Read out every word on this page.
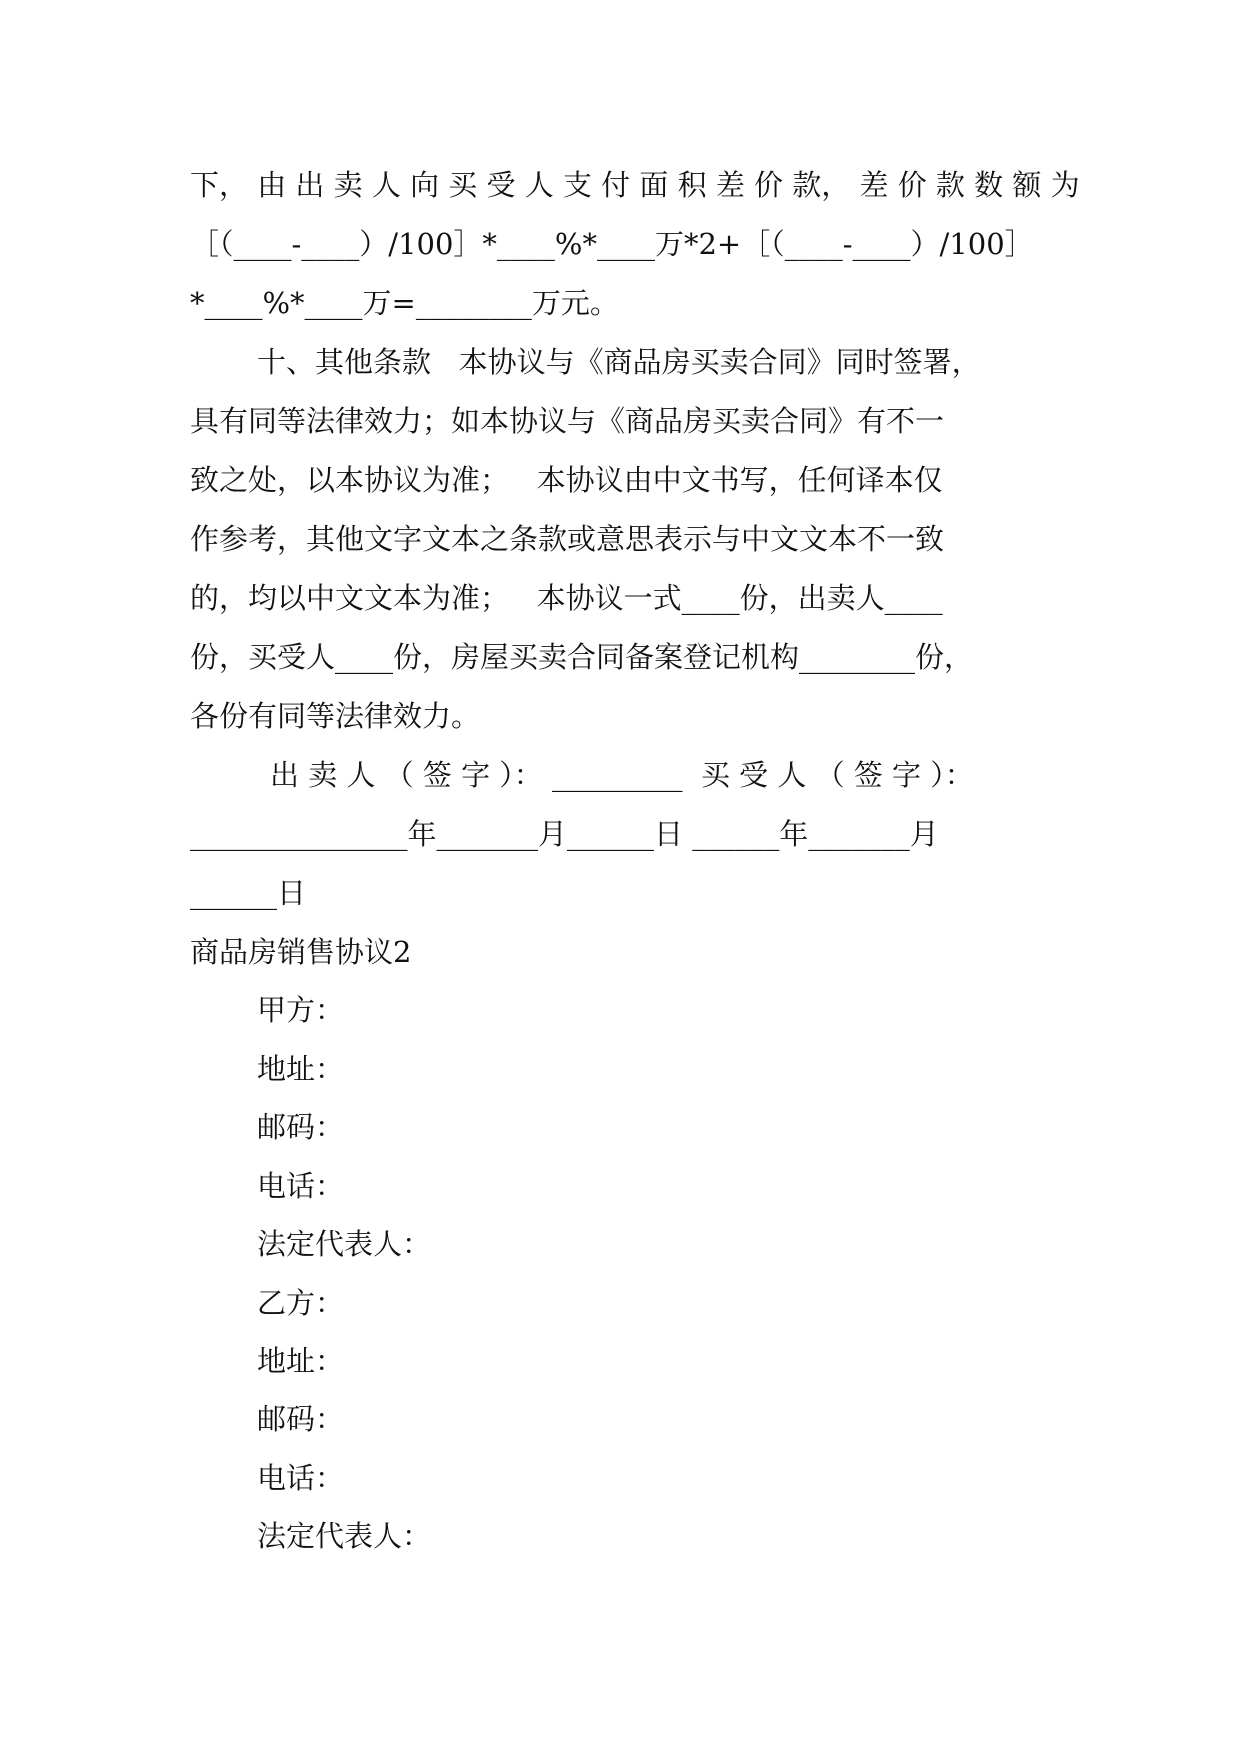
下， 由 出 卖 人 向 买 受 人 支 付 面 积 差 价 款， 差 价 款 数 额 为
［（____-____）/100］*____%*____万*2+［（____-____）/100］
*____%*____万=________万元。
十、其他条款   本协议与《商品房买卖合同》同时签署，
具有同等法律效力；如本协议与《商品房买卖合同》有不一
致之处，以本协议为准；   本协议由中文书写，任何译本仅
作参考，其他文字文本之条款或意思表示与中文文本不一致
的，均以中文文本为准；   本协议一式____份，出卖人____
份，买受人____份，房屋买卖合同备案登记机构________份，
各份有同等法律效力。
出 卖 人 （ 签 字 ）： _________  买 受 人 （ 签 字 ）：
_______________年_______月______日 ______年_______月
______日
商品房销售协议2
甲方：
地址：
邮码：
电话：
法定代表人：
乙方：
地址：
邮码：
电话：
法定代表人：
